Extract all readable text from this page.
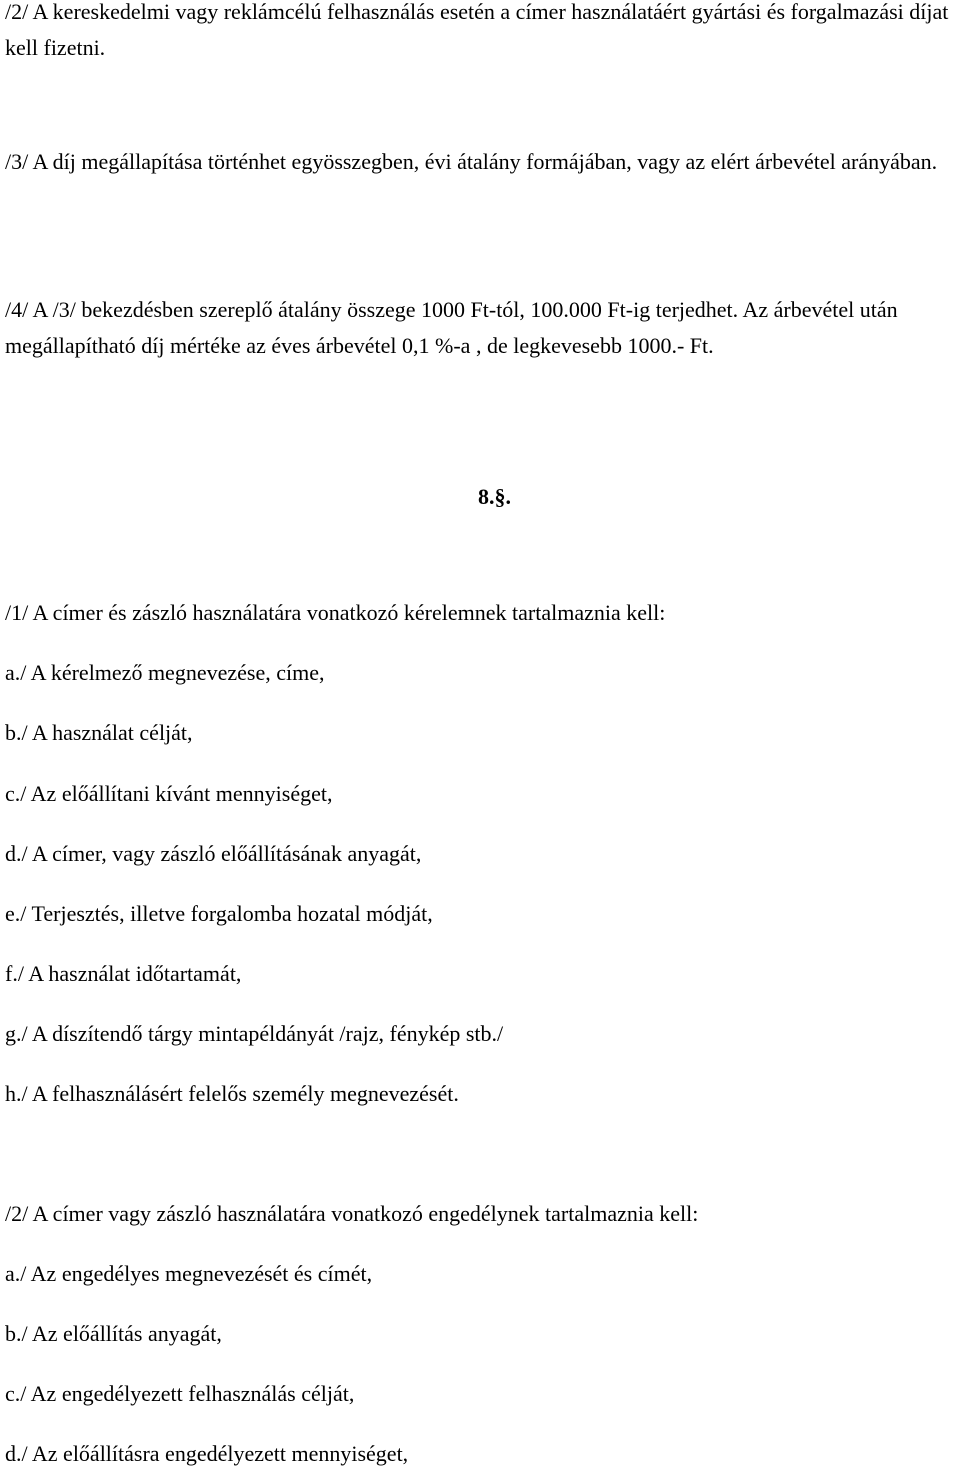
/2/ A kereskedelmi vagy reklámcélú felhasználás esetén a címer használatáért gyártási és forgalmazási díjat kell fizetni.
/3/ A díj megállapítása történhet egyösszegben, évi átalány formájában, vagy az elért árbevétel arányában.
/4/ A /3/ bekezdésben szereplő átalány összege 1000 Ft-tól, 100.000 Ft-ig terjedhet. Az árbevétel után megállapítható díj mértéke az éves árbevétel 0,1 %-a , de legkevesebb 1000.- Ft.
8.§.
/1/ A címer és zászló használatára vonatkozó kérelemnek tartalmaznia kell:
a./ A kérelmező megnevezése, címe,
b./ A használat célját,
c./ Az előállítani kívánt mennyiséget,
d./ A címer, vagy zászló előállításának anyagát,
e./ Terjesztés, illetve forgalomba hozatal módját,
f./ A használat időtartamát,
g./ A díszítendő tárgy mintapéldányát /rajz, fénykép stb./
h./ A felhasználásért felelős személy megnevezését.
/2/ A címer vagy zászló használatára vonatkozó engedélynek tartalmaznia kell:
a./ Az engedélyes megnevezését és címét,
b./ Az előállítás anyagát,
c./ Az engedélyezett felhasználás célját,
d./ Az előállításra engedélyezett mennyiséget,
